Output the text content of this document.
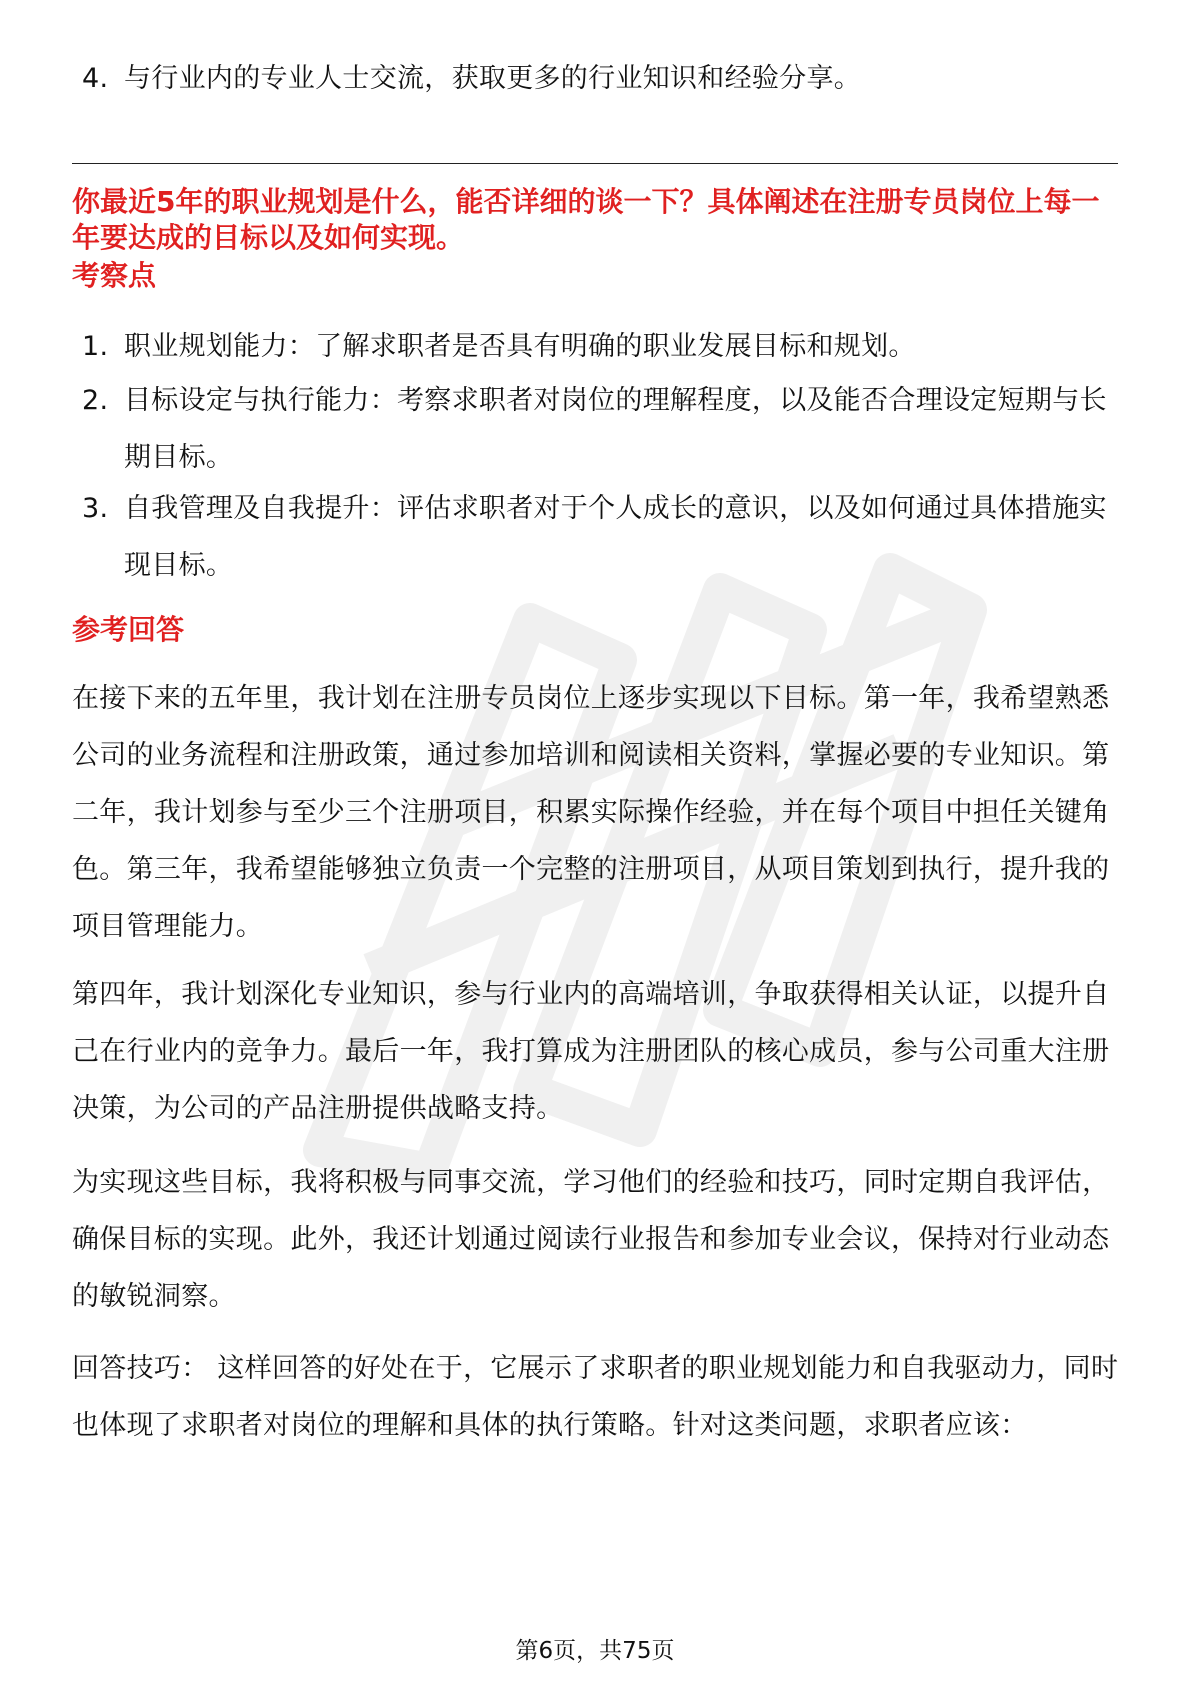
4. 与行业内的专业人士交流，获取更多的行业知识和经验分享。

你最近5年的职业规划是什么，能否详细的谈一下？具体阐述在注册专员岗位上每一年要达成的目标以及如何实现。

考察点

1. 职业规划能力：了解求职者是否具有明确的职业发展目标和规划。

2. 目标设定与执行能力：考察求职者对岗位的理解程度，以及能否合理设定短期与长期目标。

3. 自我管理及自我提升：评估求职者对于个人成长的意识，以及如何通过具体措施实现目标。

参考回答

在接下来的五年里，我计划在注册专员岗位上逐步实现以下目标。第一年，我希望熟悉公司的业务流程和注册政策，通过参加培训和阅读相关资料，掌握必要的专业知识。第二年，我计划参与至少三个注册项目，积累实际操作经验，并在每个项目中担任关键角色。第三年，我希望能够独立负责一个完整的注册项目，从项目策划到执行，提升我的项目管理能力。

第四年，我计划深化专业知识，参与行业内的高端培训，争取获得相关认证，以提升自己在行业内的竞争力。最后一年，我打算成为注册团队的核心成员，参与公司重大注册决策，为公司的产品注册提供战略支持。

为实现这些目标，我将积极与同事交流，学习他们的经验和技巧，同时定期自我评估，确保目标的实现。此外，我还计划通过阅读行业报告和参加专业会议，保持对行业动态的敏锐洞察。

回答技巧： 这样回答的好处在于，它展示了求职者的职业规划能力和自我驱动力，同时也体现了求职者对岗位的理解和具体的执行策略。针对这类问题，求职者应该：

第6页，共75页
